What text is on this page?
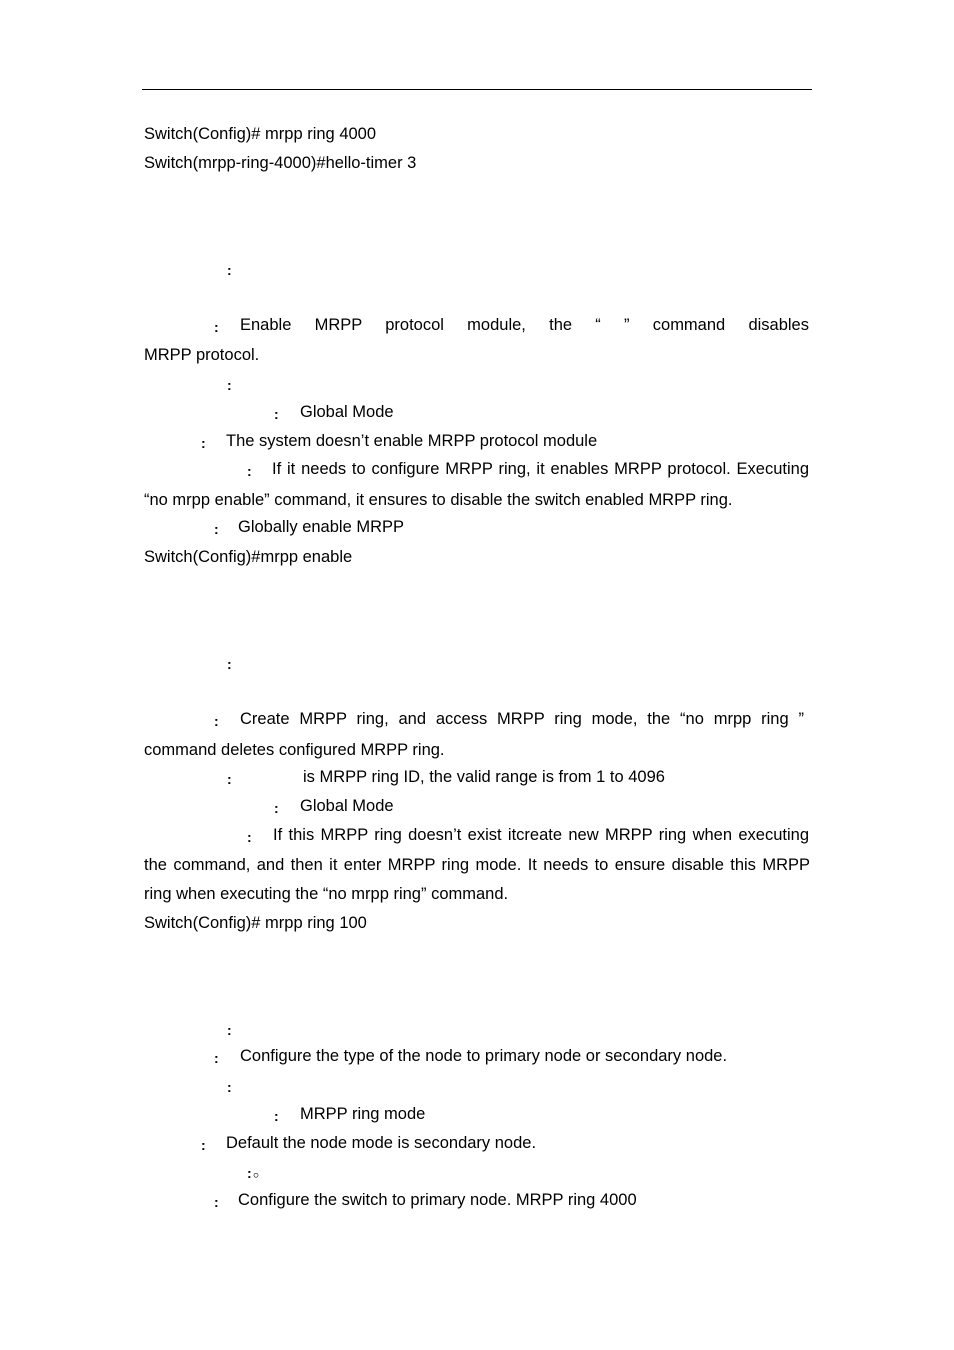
Switch(Config)# mrpp ring 4000
Switch(mrpp-ring-4000)#hello-timer 3
:
: Enable MRPP protocol module, the “ ” command disables
MRPP protocol.
:
: Global Mode
: The system doesn’t enable MRPP protocol module
: If it needs to configure MRPP ring, it enables MRPP protocol. Executing
“no mrpp enable” command, it ensures to disable the switch enabled MRPP ring.
: Globally enable MRPP
Switch(Config)#mrpp enable
:
: Create MRPP ring, and access MRPP ring mode, the “no mrpp ring ”
command deletes configured MRPP ring.
:	is MRPP ring ID, the valid range is from 1 to 4096
: Global Mode
: If this MRPP ring doesn’t exist itcreate new MRPP ring when executing
the command, and then it enter MRPP ring mode. It needs to ensure disable this MRPP
ring when executing the “no mrpp ring” command.
Switch(Config)# mrpp ring 100
:
: Configure the type of the node to primary node or secondary node.
:
: MRPP ring mode
: Default the node mode is secondary node.
: 。
: Configure the switch to primary node. MRPP ring 4000
